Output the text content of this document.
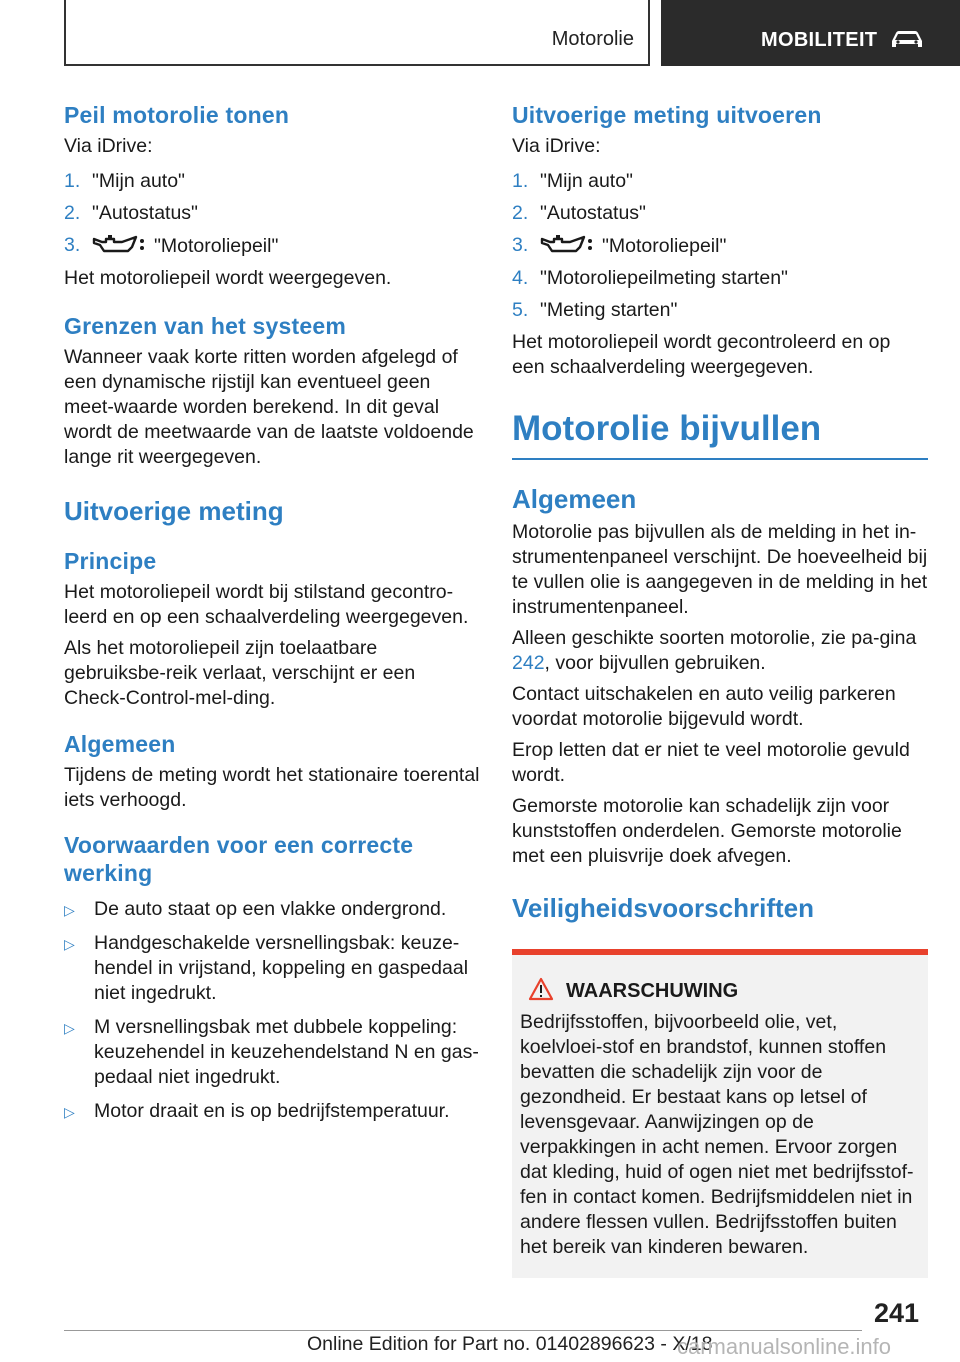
Motorolie	MOBILITEIT
Peil motorolie tonen
Via iDrive:
1. "Mijn auto"
2. "Autostatus"
3.	"Motoroliepeil"
Het motoroliepeil wordt weergegeven.
Grenzen van het systeem
Wanneer vaak korte ritten worden afgelegd of een dynamische rijstijl kan eventueel geen meet-waarde worden berekend. In dit geval wordt de meetwaarde van de laatste voldoende lange rit weergegeven.
Uitvoerige meting
Principe
Het motoroliepeil wordt bij stilstand gecontro-leerd en op een schaalverdeling weergegeven.
Als het motoroliepeil zijn toelaatbare gebruiksbe-reik verlaat, verschijnt er een Check-Control-mel-ding.
Algemeen
Tijdens de meting wordt het stationaire toerental iets verhoogd.
Voorwaarden voor een correcte werking
▷ De auto staat op een vlakke ondergrond.
▷ Handgeschakelde versnellingsbak: keuze-hendel in vrijstand, koppeling en gaspedaal niet ingedrukt.
▷ M versnellingsbak met dubbele koppeling: keuzehendel in keuzehendelstand N en gas-pedaal niet ingedrukt.
▷ Motor draait en is op bedrijfstemperatuur.
Uitvoerige meting uitvoeren
Via iDrive:
1. "Mijn auto"
2. "Autostatus"
3.	"Motoroliepeil"
4. "Motoroliepeilmeting starten"
5. "Meting starten"
Het motoroliepeil wordt gecontroleerd en op een schaalverdeling weergegeven.
Motorolie bijvullen
Algemeen
Motorolie pas bijvullen als de melding in het in-strumentenpaneel verschijnt. De hoeveelheid bij te vullen olie is aangegeven in de melding in het instrumentenpaneel.
Alleen geschikte soorten motorolie, zie pa-gina 242, voor bijvullen gebruiken.
Contact uitschakelen en auto veilig parkeren voordat motorolie bijgevuld wordt.
Erop letten dat er niet te veel motorolie gevuld wordt.
Gemorste motorolie kan schadelijk zijn voor kunststoffen onderdelen. Gemorste motorolie met een pluisvrije doek afvegen.
Veiligheidsvoorschriften
WAARSCHUWING
Bedrijfsstoffen, bijvoorbeeld olie, vet, koelvloei-stof en brandstof, kunnen stoffen bevatten die schadelijk zijn voor de gezondheid. Er bestaat kans op letsel of levensgevaar. Aanwijzingen op de verpakkingen in acht nemen. Ervoor zorgen dat kleding, huid of ogen niet met bedrijfsstof-fen in contact komen. Bedrijfsmiddelen niet in andere flessen vullen. Bedrijfsstoffen buiten het bereik van kinderen bewaren.
241
Online Edition for Part no. 01402896623 - X/18
carmanualsonline.info
